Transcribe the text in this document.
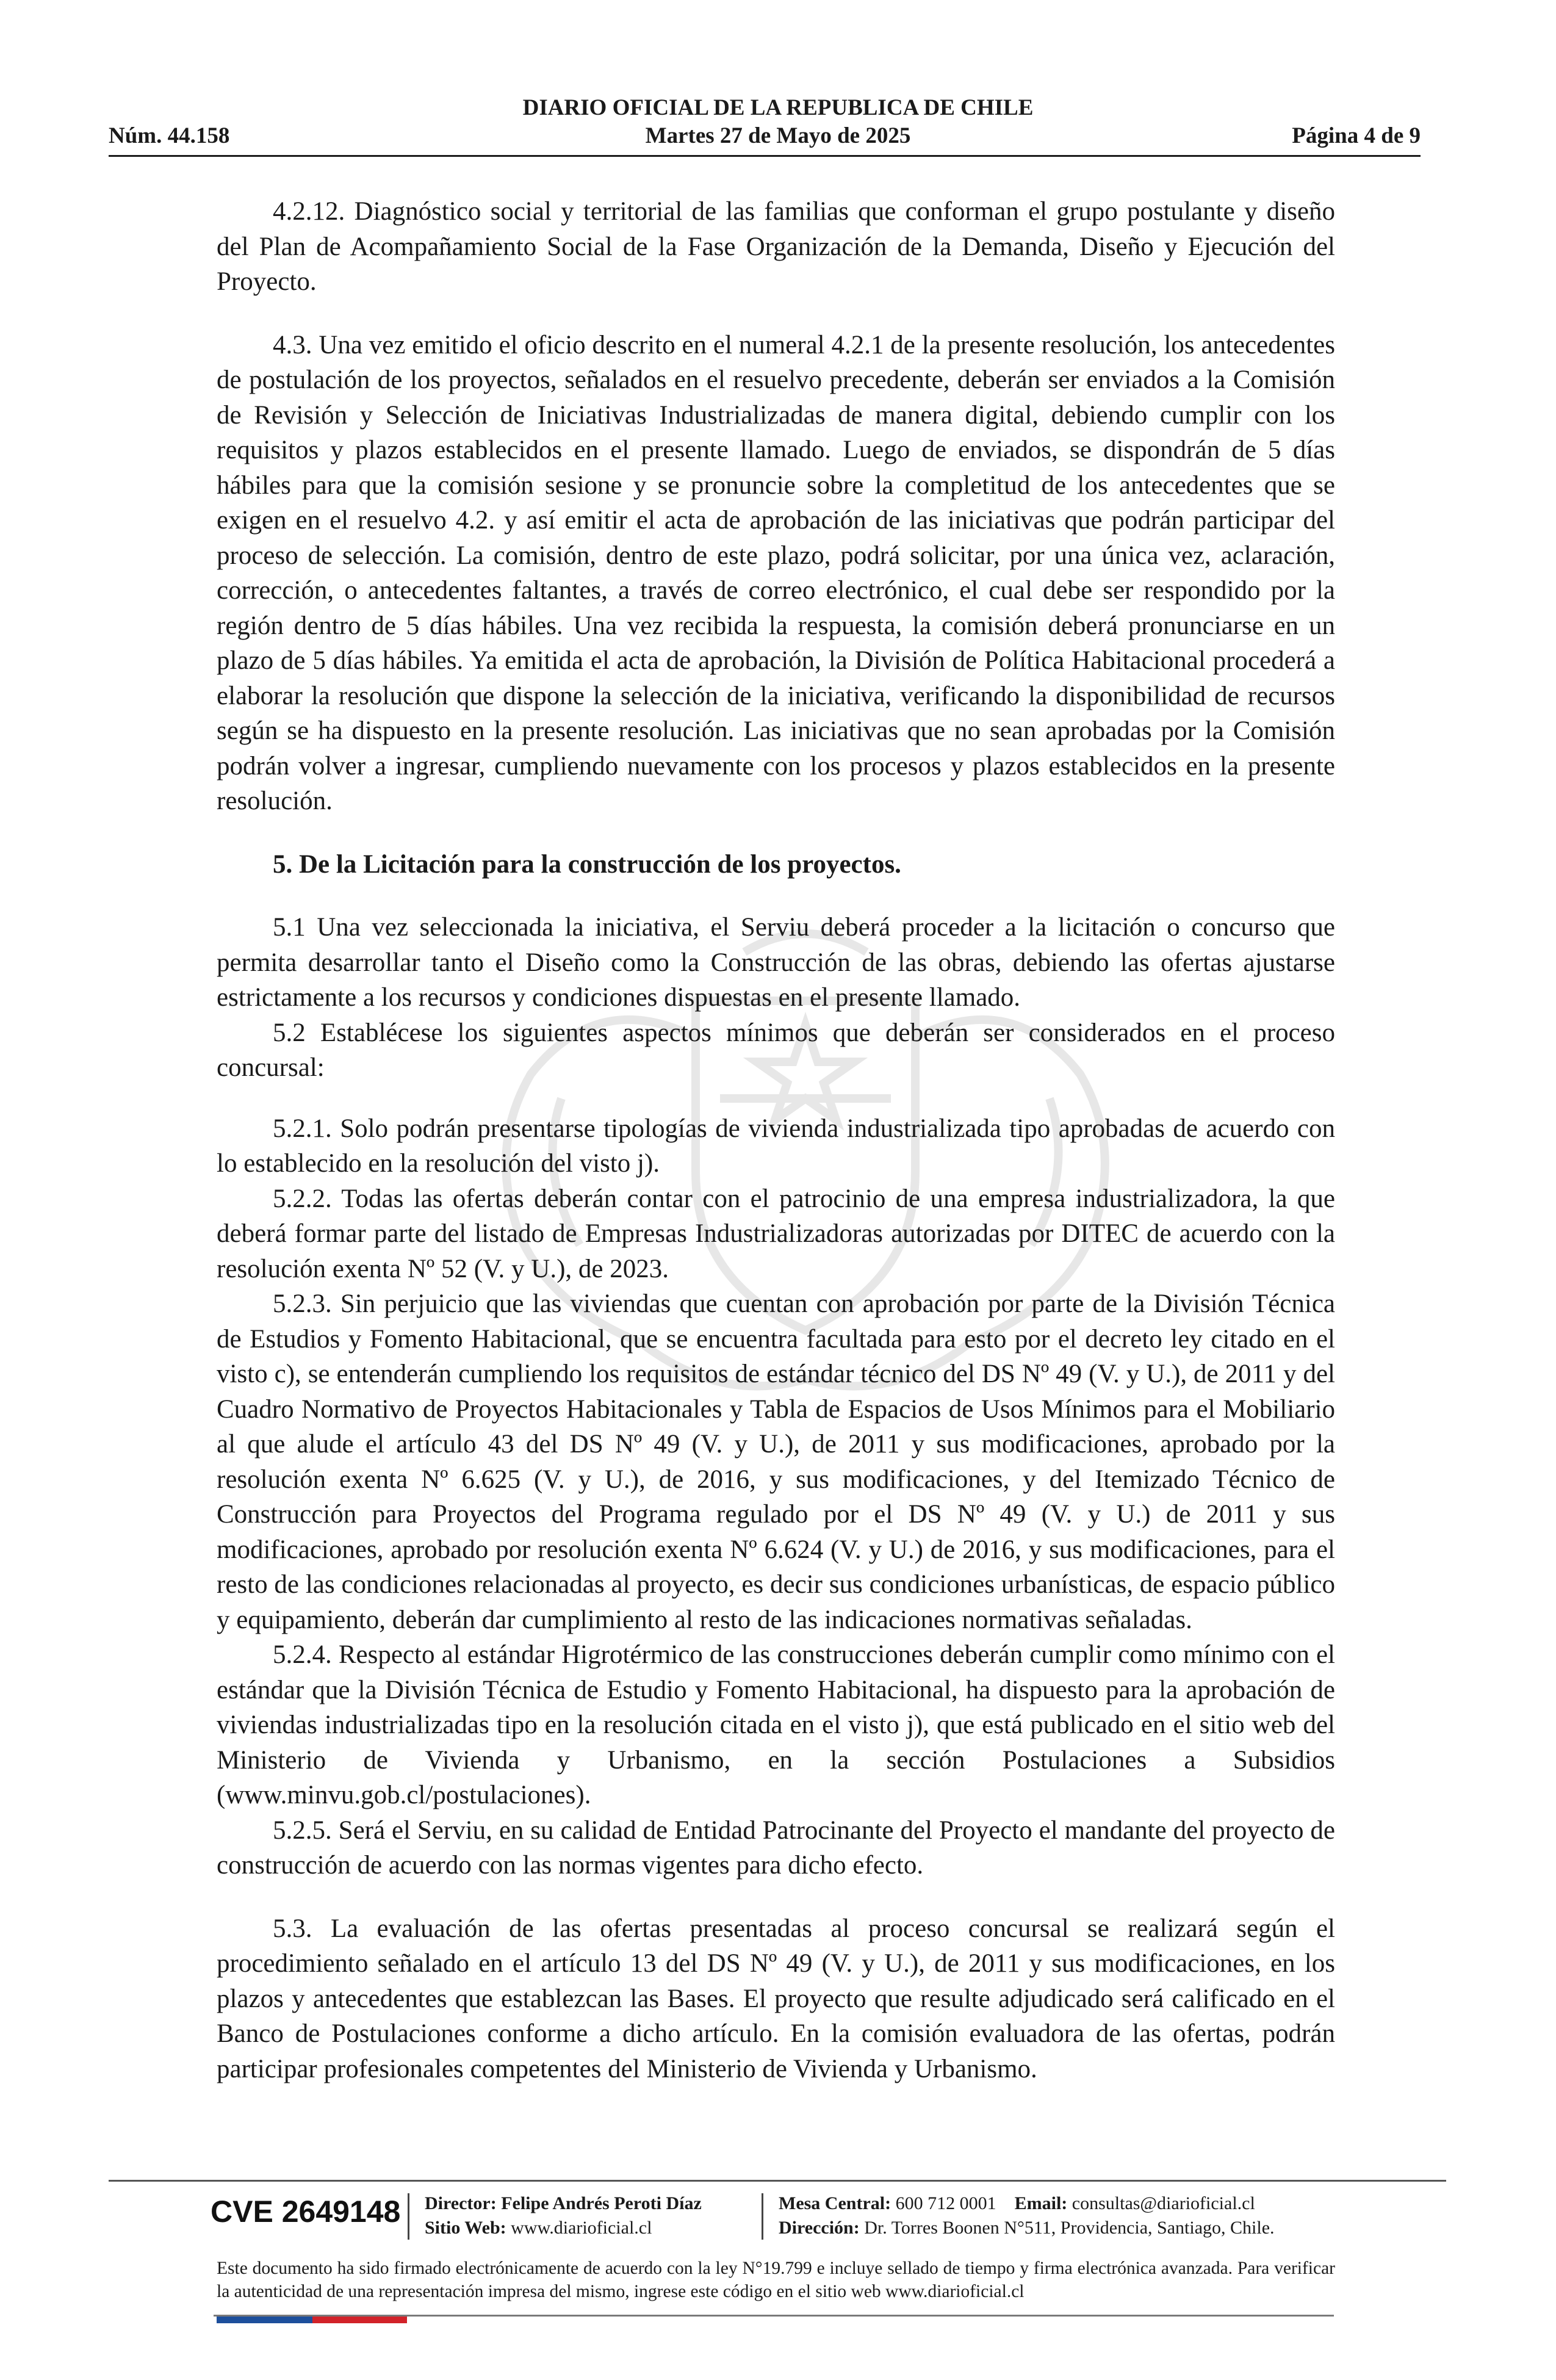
DIARIO OFICIAL DE LA REPUBLICA DE CHILE
Núm. 44.158	Martes 27 de Mayo de 2025	Página 4 de 9

4.2.12. Diagnóstico social y territorial de las familias que conforman el grupo postulante y diseño del Plan de Acompañamiento Social de la Fase Organización de la Demanda, Diseño y Ejecución del Proyecto.

4.3. Una vez emitido el oficio descrito en el numeral 4.2.1 de la presente resolución, los antecedentes de postulación de los proyectos, señalados en el resuelvo precedente, deberán ser enviados a la Comisión de Revisión y Selección de Iniciativas Industrializadas de manera digital, debiendo cumplir con los requisitos y plazos establecidos en el presente llamado. Luego de enviados, se dispondrán de 5 días hábiles para que la comisión sesione y se pronuncie sobre la completitud de los antecedentes que se exigen en el resuelvo 4.2. y así emitir el acta de aprobación de las iniciativas que podrán participar del proceso de selección. La comisión, dentro de este plazo, podrá solicitar, por una única vez, aclaración, corrección, o antecedentes faltantes, a través de correo electrónico, el cual debe ser respondido por la región dentro de 5 días hábiles. Una vez recibida la respuesta, la comisión deberá pronunciarse en un plazo de 5 días hábiles. Ya emitida el acta de aprobación, la División de Política Habitacional procederá a elaborar la resolución que dispone la selección de la iniciativa, verificando la disponibilidad de recursos según se ha dispuesto en la presente resolución. Las iniciativas que no sean aprobadas por la Comisión podrán volver a ingresar, cumpliendo nuevamente con los procesos y plazos establecidos en la presente resolución.

5. De la Licitación para la construcción de los proyectos.

5.1 Una vez seleccionada la iniciativa, el Serviu deberá proceder a la licitación o concurso que permita desarrollar tanto el Diseño como la Construcción de las obras, debiendo las ofertas ajustarse estrictamente a los recursos y condiciones dispuestas en el presente llamado.

5.2 Establécese los siguientes aspectos mínimos que deberán ser considerados en el proceso concursal:

5.2.1. Solo podrán presentarse tipologías de vivienda industrializada tipo aprobadas de acuerdo con lo establecido en la resolución del visto j).

5.2.2. Todas las ofertas deberán contar con el patrocinio de una empresa industrializadora, la que deberá formar parte del listado de Empresas Industrializadoras autorizadas por DITEC de acuerdo con la resolución exenta Nº 52 (V. y U.), de 2023.

5.2.3. Sin perjuicio que las viviendas que cuentan con aprobación por parte de la División Técnica de Estudios y Fomento Habitacional, que se encuentra facultada para esto por el decreto ley citado en el visto c), se entenderán cumpliendo los requisitos de estándar técnico del DS Nº 49 (V. y U.), de 2011 y del Cuadro Normativo de Proyectos Habitacionales y Tabla de Espacios de Usos Mínimos para el Mobiliario al que alude el artículo 43 del DS Nº 49 (V. y U.), de 2011 y sus modificaciones, aprobado por la resolución exenta Nº 6.625 (V. y U.), de 2016, y sus modificaciones, y del Itemizado Técnico de Construcción para Proyectos del Programa regulado por el DS Nº 49 (V. y U.) de 2011 y sus modificaciones, aprobado por resolución exenta Nº 6.624 (V. y U.) de 2016, y sus modificaciones, para el resto de las condiciones relacionadas al proyecto, es decir sus condiciones urbanísticas, de espacio público y equipamiento, deberán dar cumplimiento al resto de las indicaciones normativas señaladas.

5.2.4. Respecto al estándar Higrotérmico de las construcciones deberán cumplir como mínimo con el estándar que la División Técnica de Estudio y Fomento Habitacional, ha dispuesto para la aprobación de viviendas industrializadas tipo en la resolución citada en el visto j), que está publicado en el sitio web del Ministerio de Vivienda y Urbanismo, en la sección Postulaciones a Subsidios (www.minvu.gob.cl/postulaciones).

5.2.5. Será el Serviu, en su calidad de Entidad Patrocinante del Proyecto el mandante del proyecto de construcción de acuerdo con las normas vigentes para dicho efecto.

5.3. La evaluación de las ofertas presentadas al proceso concursal se realizará según el procedimiento señalado en el artículo 13 del DS Nº 49 (V. y U.), de 2011 y sus modificaciones, en los plazos y antecedentes que establezcan las Bases. El proyecto que resulte adjudicado será calificado en el Banco de Postulaciones conforme a dicho artículo. En la comisión evaluadora de las ofertas, podrán participar profesionales competentes del Ministerio de Vivienda y Urbanismo.

CVE 2649148 Director: Felipe Andrés Peroti Díaz
Sitio Web: www.diarioficial.cl
Mesa Central: 600 712 0001 Email: consultas@diarioficial.cl
Dirección: Dr. Torres Boonen N°511, Providencia, Santiago, Chile.
Este documento ha sido firmado electrónicamente de acuerdo con la ley N°19.799 e incluye sellado de tiempo y firma electrónica avanzada. Para verificar la autenticidad de una representación impresa del mismo, ingrese este código en el sitio web www.diarioficial.cl
